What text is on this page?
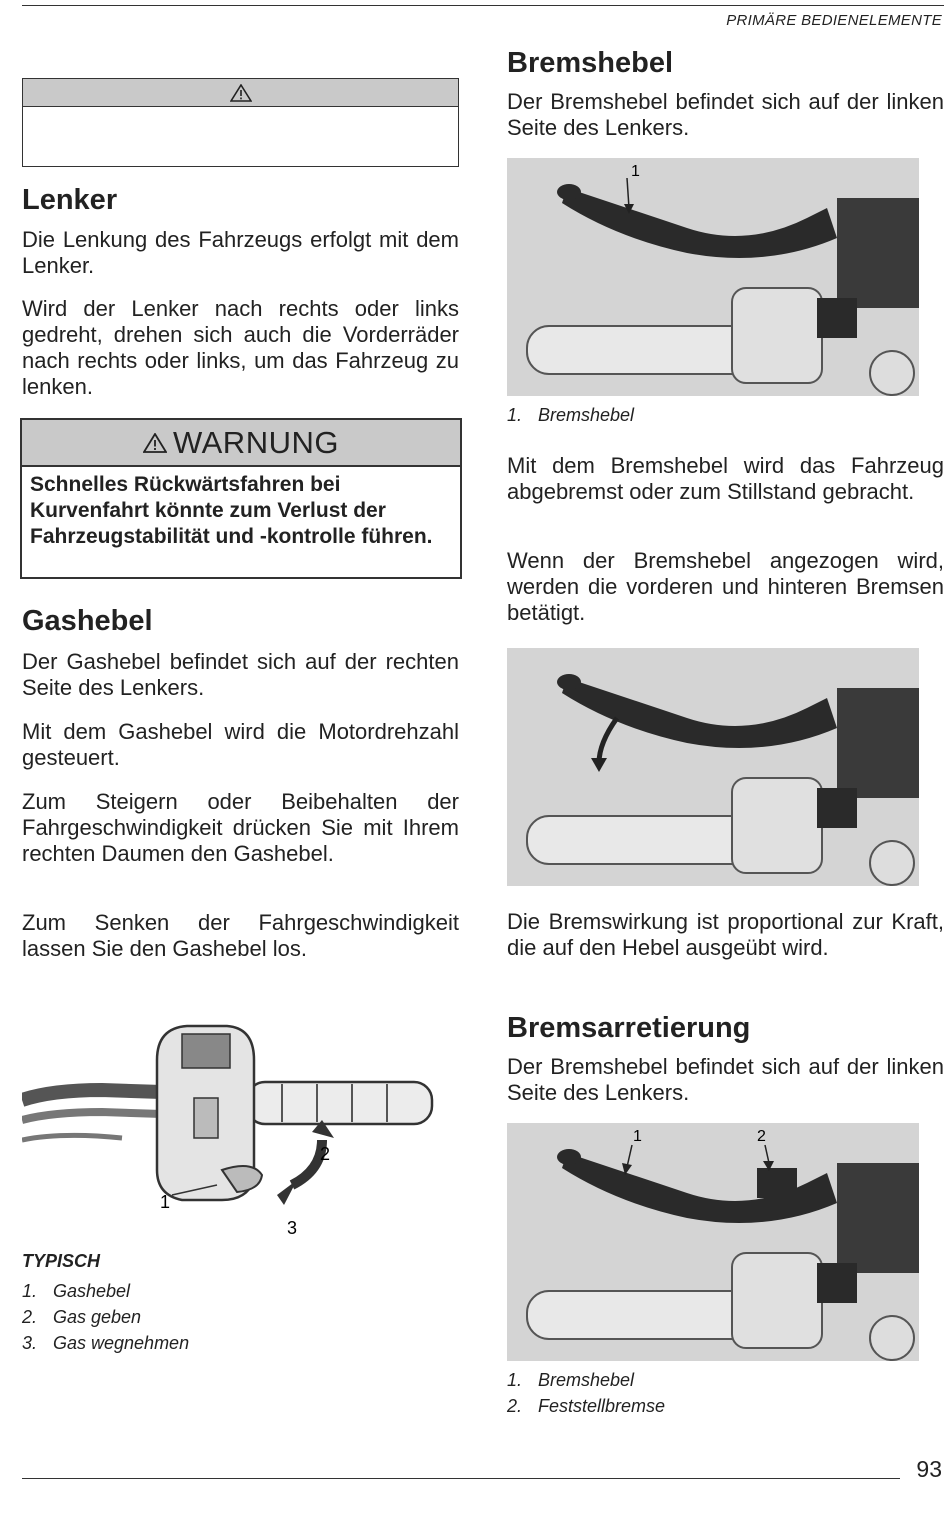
PRIMÄRE BEDIENELEMENTE
Lenker

Die Lenkung des Fahrzeugs erfolgt mit dem Lenker.

Wird der Lenker nach rechts oder links gedreht, drehen sich auch die Vorderräder nach rechts oder links, um das Fahrzeug zu lenken.

WARNUNG
Schnelles Rückwärtsfahren bei Kurvenfahrt könnte zum Verlust der Fahrzeugstabilität und -kontrolle führen.
Gashebel

Der Gashebel befindet sich auf der rechten Seite des Lenkers.

Mit dem Gashebel wird die Motordrehzahl gesteuert.

Zum Steigern oder Beibehalten der Fahrgeschwindigkeit drücken Sie mit Ihrem rechten Daumen den Gashebel.

Zum Senken der Fahrgeschwindigkeit lassen Sie den Gashebel los.

1
2
3
TYPISCH
1. Gashebel
2. Gas geben
3. Gas wegnehmen
Bremshebel

Der Bremshebel befindet sich auf der linken Seite des Lenkers.

1
1. Bremshebel

Mit dem Bremshebel wird das Fahrzeug abgebremst oder zum Stillstand gebracht.

Wenn der Bremshebel angezogen wird, werden die vorderen und hinteren Bremsen betätigt.

Die Bremswirkung ist proportional zur Kraft, die auf den Hebel ausgeübt wird.

Bremsarretierung

Der Bremshebel befindet sich auf der linken Seite des Lenkers.

1	2
1. Bremshebel
2. Feststellbremse
93
